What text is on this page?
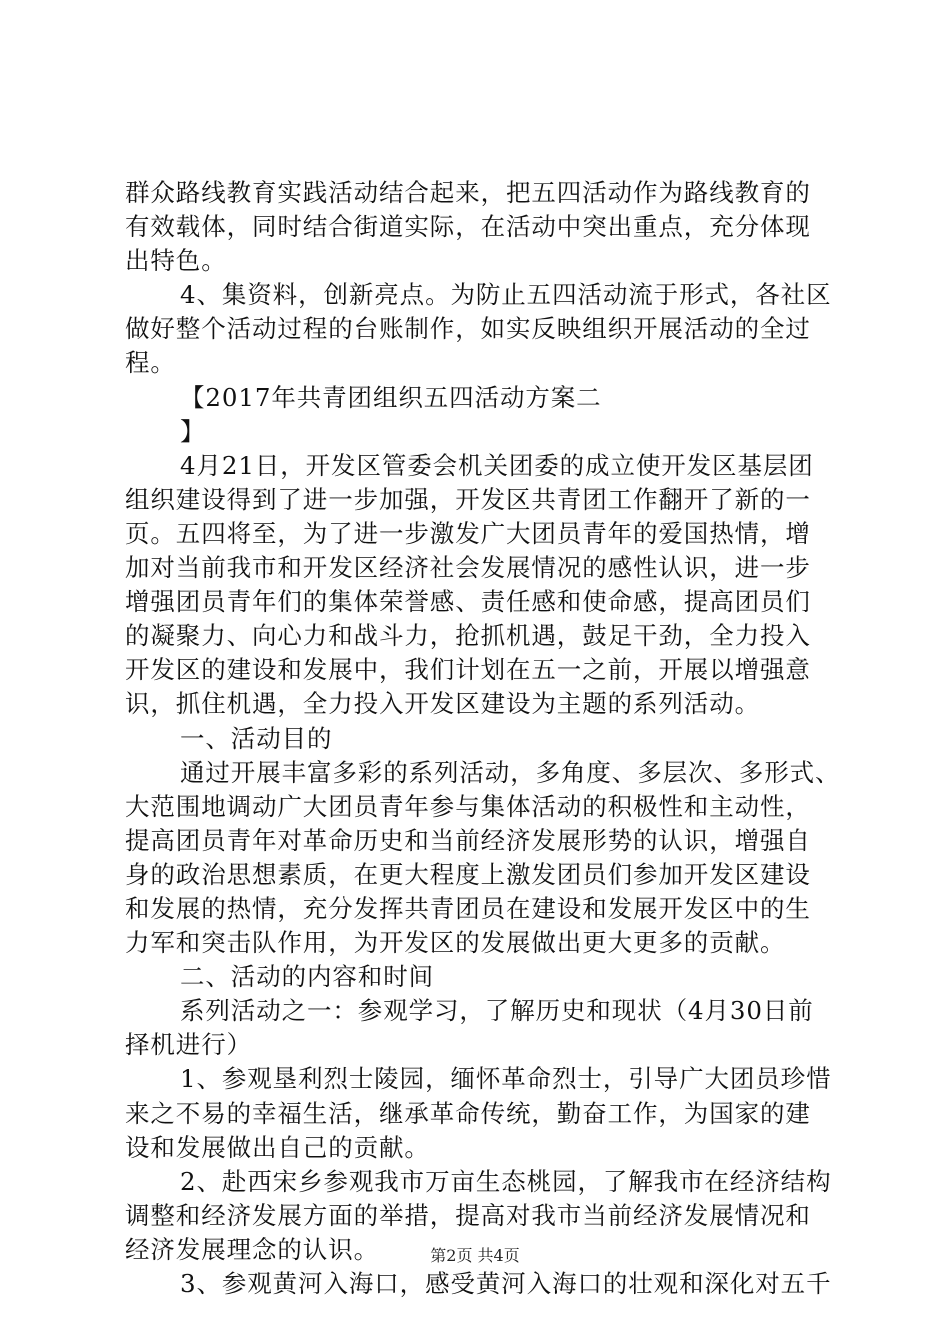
群众路线教育实践活动结合起来，把五四活动作为路线教育的
有效载体，同时结合街道实际，在活动中突出重点，充分体现
出特色。
4、集资料，创新亮点。为防止五四活动流于形式，各社区
做好整个活动过程的台账制作，如实反映组织开展活动的全过
程。
【2017年共青团组织五四活动方案二
】
4月21日，开发区管委会机关团委的成立使开发区基层团
组织建设得到了进一步加强，开发区共青团工作翻开了新的一
页。五四将至，为了进一步激发广大团员青年的爱国热情，增
加对当前我市和开发区经济社会发展情况的感性认识，进一步
增强团员青年们的集体荣誉感、责任感和使命感，提高团员们
的凝聚力、向心力和战斗力，抢抓机遇，鼓足干劲，全力投入
开发区的建设和发展中，我们计划在五一之前，开展以增强意
识，抓住机遇，全力投入开发区建设为主题的系列活动。
一、活动目的
通过开展丰富多彩的系列活动，多角度、多层次、多形式、
大范围地调动广大团员青年参与集体活动的积极性和主动性，
提高团员青年对革命历史和当前经济发展形势的认识，增强自
身的政治思想素质，在更大程度上激发团员们参加开发区建设
和发展的热情，充分发挥共青团员在建设和发展开发区中的生
力军和突击队作用，为开发区的发展做出更大更多的贡献。
二、活动的内容和时间
系列活动之一：参观学习，了解历史和现状（4月30日前
择机进行）
1、参观垦利烈士陵园，缅怀革命烈士，引导广大团员珍惜
来之不易的幸福生活，继承革命传统，勤奋工作，为国家的建
设和发展做出自己的贡献。
2、赴西宋乡参观我市万亩生态桃园，了解我市在经济结构
调整和经济发展方面的举措，提高对我市当前经济发展情况和
经济发展理念的认识。
3、参观黄河入海口，感受黄河入海口的壮观和深化对五千
第2页 共4页
